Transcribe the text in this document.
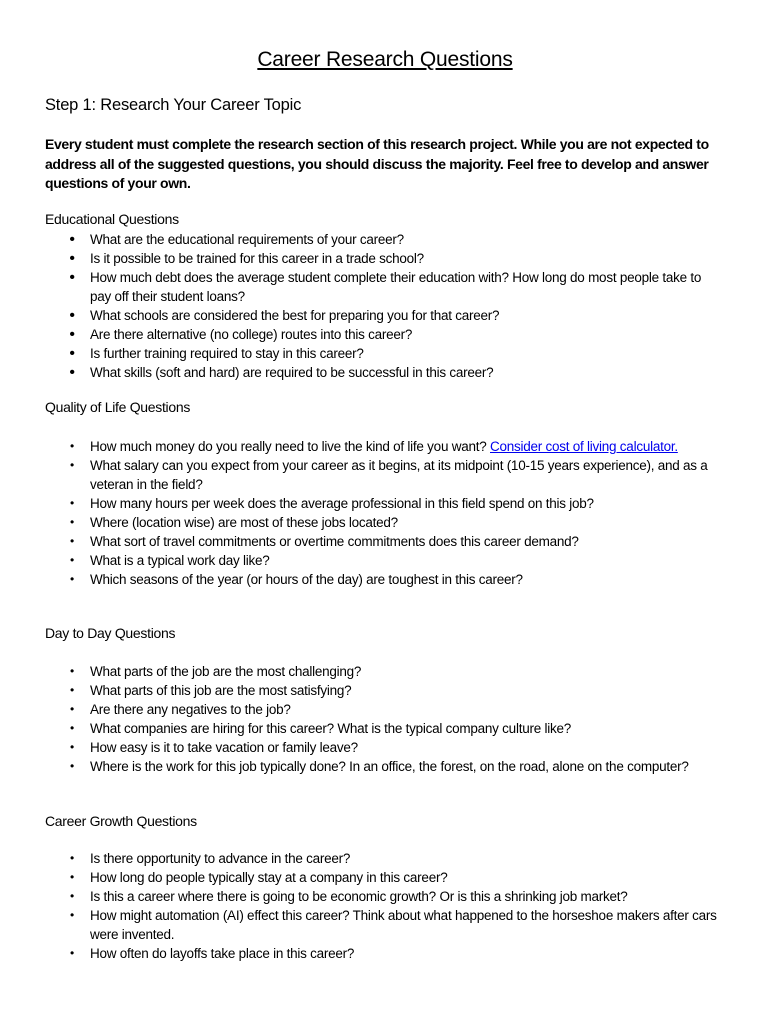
Career Research Questions
Step 1: Research Your Career Topic
Every student must complete the research section of this research project. While you are not expected to address all of the suggested questions, you should discuss the majority. Feel free to develop and answer questions of your own.
Educational Questions
• What are the educational requirements of your career?
• Is it possible to be trained for this career in a trade school?
• How much debt does the average student complete their education with? How long do most people take to pay off their student loans?
• What schools are considered the best for preparing you for that career?
• Are there alternative (no college) routes into this career?
• Is further training required to stay in this career?
• What skills (soft and hard) are required to be successful in this career?
Quality of Life Questions
• How much money do you really need to live the kind of life you want? Consider cost of living calculator.
• What salary can you expect from your career as it begins, at its midpoint (10-15 years experience), and as a veteran in the field?
• How many hours per week does the average professional in this field spend on this job?
• Where (location wise) are most of these jobs located?
• What sort of travel commitments or overtime commitments does this career demand?
• What is a typical work day like?
• Which seasons of the year (or hours of the day) are toughest in this career?
Day to Day Questions
• What parts of the job are the most challenging?
• What parts of this job are the most satisfying?
• Are there any negatives to the job?
• What companies are hiring for this career? What is the typical company culture like?
• How easy is it to take vacation or family leave?
• Where is the work for this job typically done? In an office, the forest, on the road, alone on the computer?
Career Growth Questions
• Is there opportunity to advance in the career?
• How long do people typically stay at a company in this career?
• Is this a career where there is going to be economic growth? Or is this a shrinking job market?
• How might automation (AI) effect this career? Think about what happened to the horseshoe makers after cars were invented.
• How often do layoffs take place in this career?
